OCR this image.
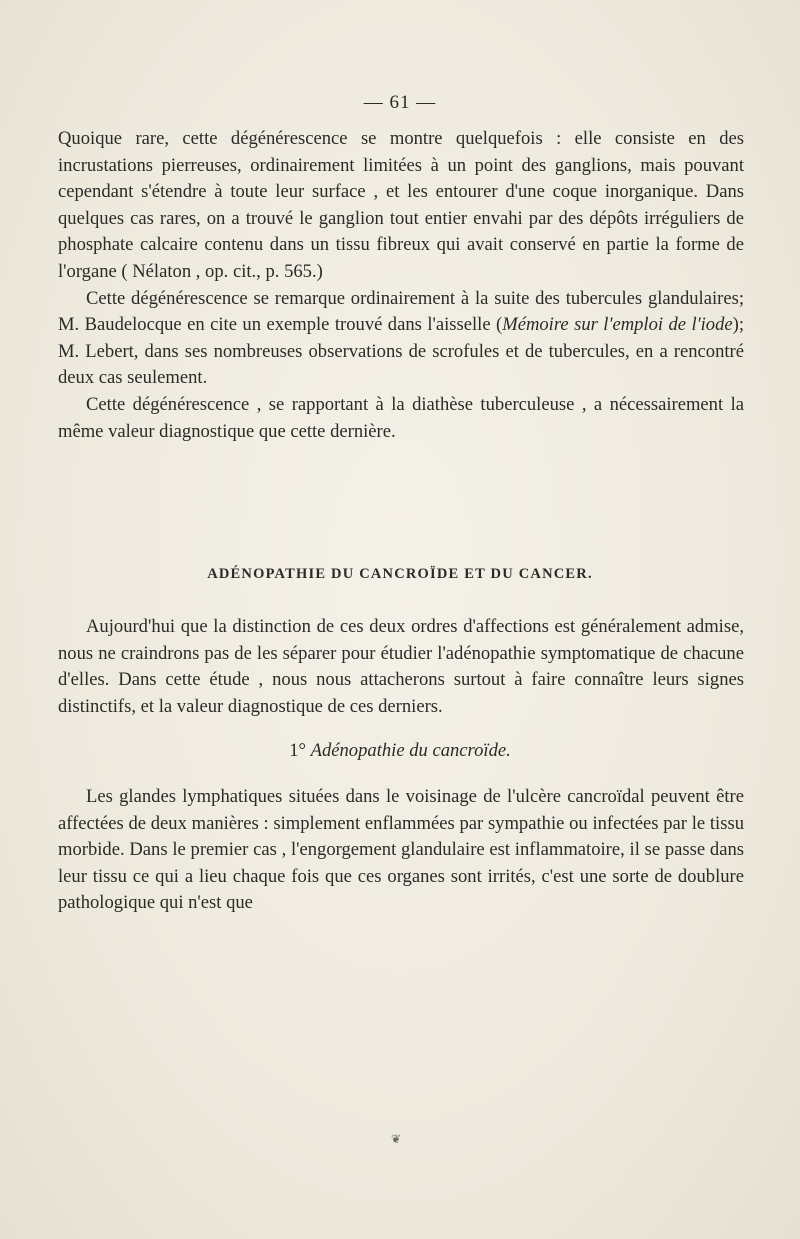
— 61 —

Quoique rare, cette dégénérescence se montre quelquefois : elle consiste en des incrustations pierreuses, ordinairement limitées à un point des ganglions, mais pouvant cependant s'étendre à toute leur surface , et les entourer d'une coque inorganique. Dans quelques cas rares, on a trouvé le ganglion tout entier envahi par des dépôts irréguliers de phosphate calcaire contenu dans un tissu fibreux qui avait conservé en partie la forme de l'organe ( Nélaton , op. cit., p. 565.)

Cette dégénérescence se remarque ordinairement à la suite des tubercules glandulaires; M. Baudelocque en cite un exemple trouvé dans l'aisselle (Mémoire sur l'emploi de l'iode); M. Lebert, dans ses nombreuses observations de scrofules et de tubercules, en a rencontré deux cas seulement.

Cette dégénérescence , se rapportant à la diathèse tuberculeuse , a nécessairement la même valeur diagnostique que cette dernière.

ADÉNOPATHIE DU CANCROÏDE ET DU CANCER.

Aujourd'hui que la distinction de ces deux ordres d'affections est généralement admise, nous ne craindrons pas de les séparer pour étudier l'adénopathie symptomatique de chacune d'elles. Dans cette étude , nous nous attacherons surtout à faire connaître leurs signes distinctifs, et la valeur diagnostique de ces derniers.

1° Adénopathie du cancroïde.

Les glandes lymphatiques situées dans le voisinage de l'ulcère cancroïdal peuvent être affectées de deux manières : simplement enflammées par sympathie ou infectées par le tissu morbide. Dans le premier cas , l'engorgement glandulaire est inflammatoire, il se passe dans leur tissu ce qui a lieu chaque fois que ces organes sont irrités, c'est une sorte de doublure pathologique qui n'est que

❦
